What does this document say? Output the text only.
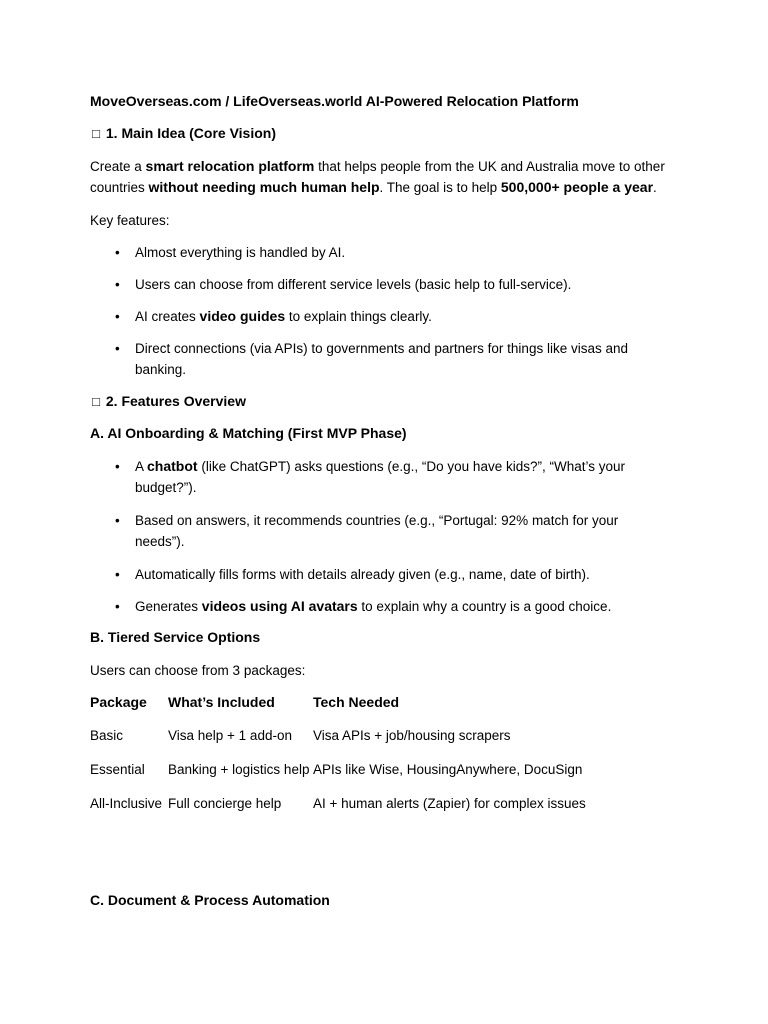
MoveOverseas.com / LifeOverseas.world AI-Powered Relocation Platform
□ 1. Main Idea (Core Vision)
Create a smart relocation platform that helps people from the UK and Australia move to other countries without needing much human help. The goal is to help 500,000+ people a year.
Key features:
• Almost everything is handled by AI.
• Users can choose from different service levels (basic help to full-service).
• AI creates video guides to explain things clearly.
• Direct connections (via APIs) to governments and partners for things like visas and banking.
□ 2. Features Overview
A. AI Onboarding & Matching (First MVP Phase)
• A chatbot (like ChatGPT) asks questions (e.g., “Do you have kids?”, “What’s your budget?”).
• Based on answers, it recommends countries (e.g., “Portugal: 92% match for your needs”).
• Automatically fills forms with details already given (e.g., name, date of birth).
• Generates videos using AI avatars to explain why a country is a good choice.
B. Tiered Service Options
Users can choose from 3 packages:
Package	What’s Included	Tech Needed
Basic	Visa help + 1 add-on	Visa APIs + job/housing scrapers
Essential	Banking + logistics help	APIs like Wise, HousingAnywhere, DocuSign
All-Inclusive	Full concierge help	AI + human alerts (Zapier) for complex issues
C. Document & Process Automation
